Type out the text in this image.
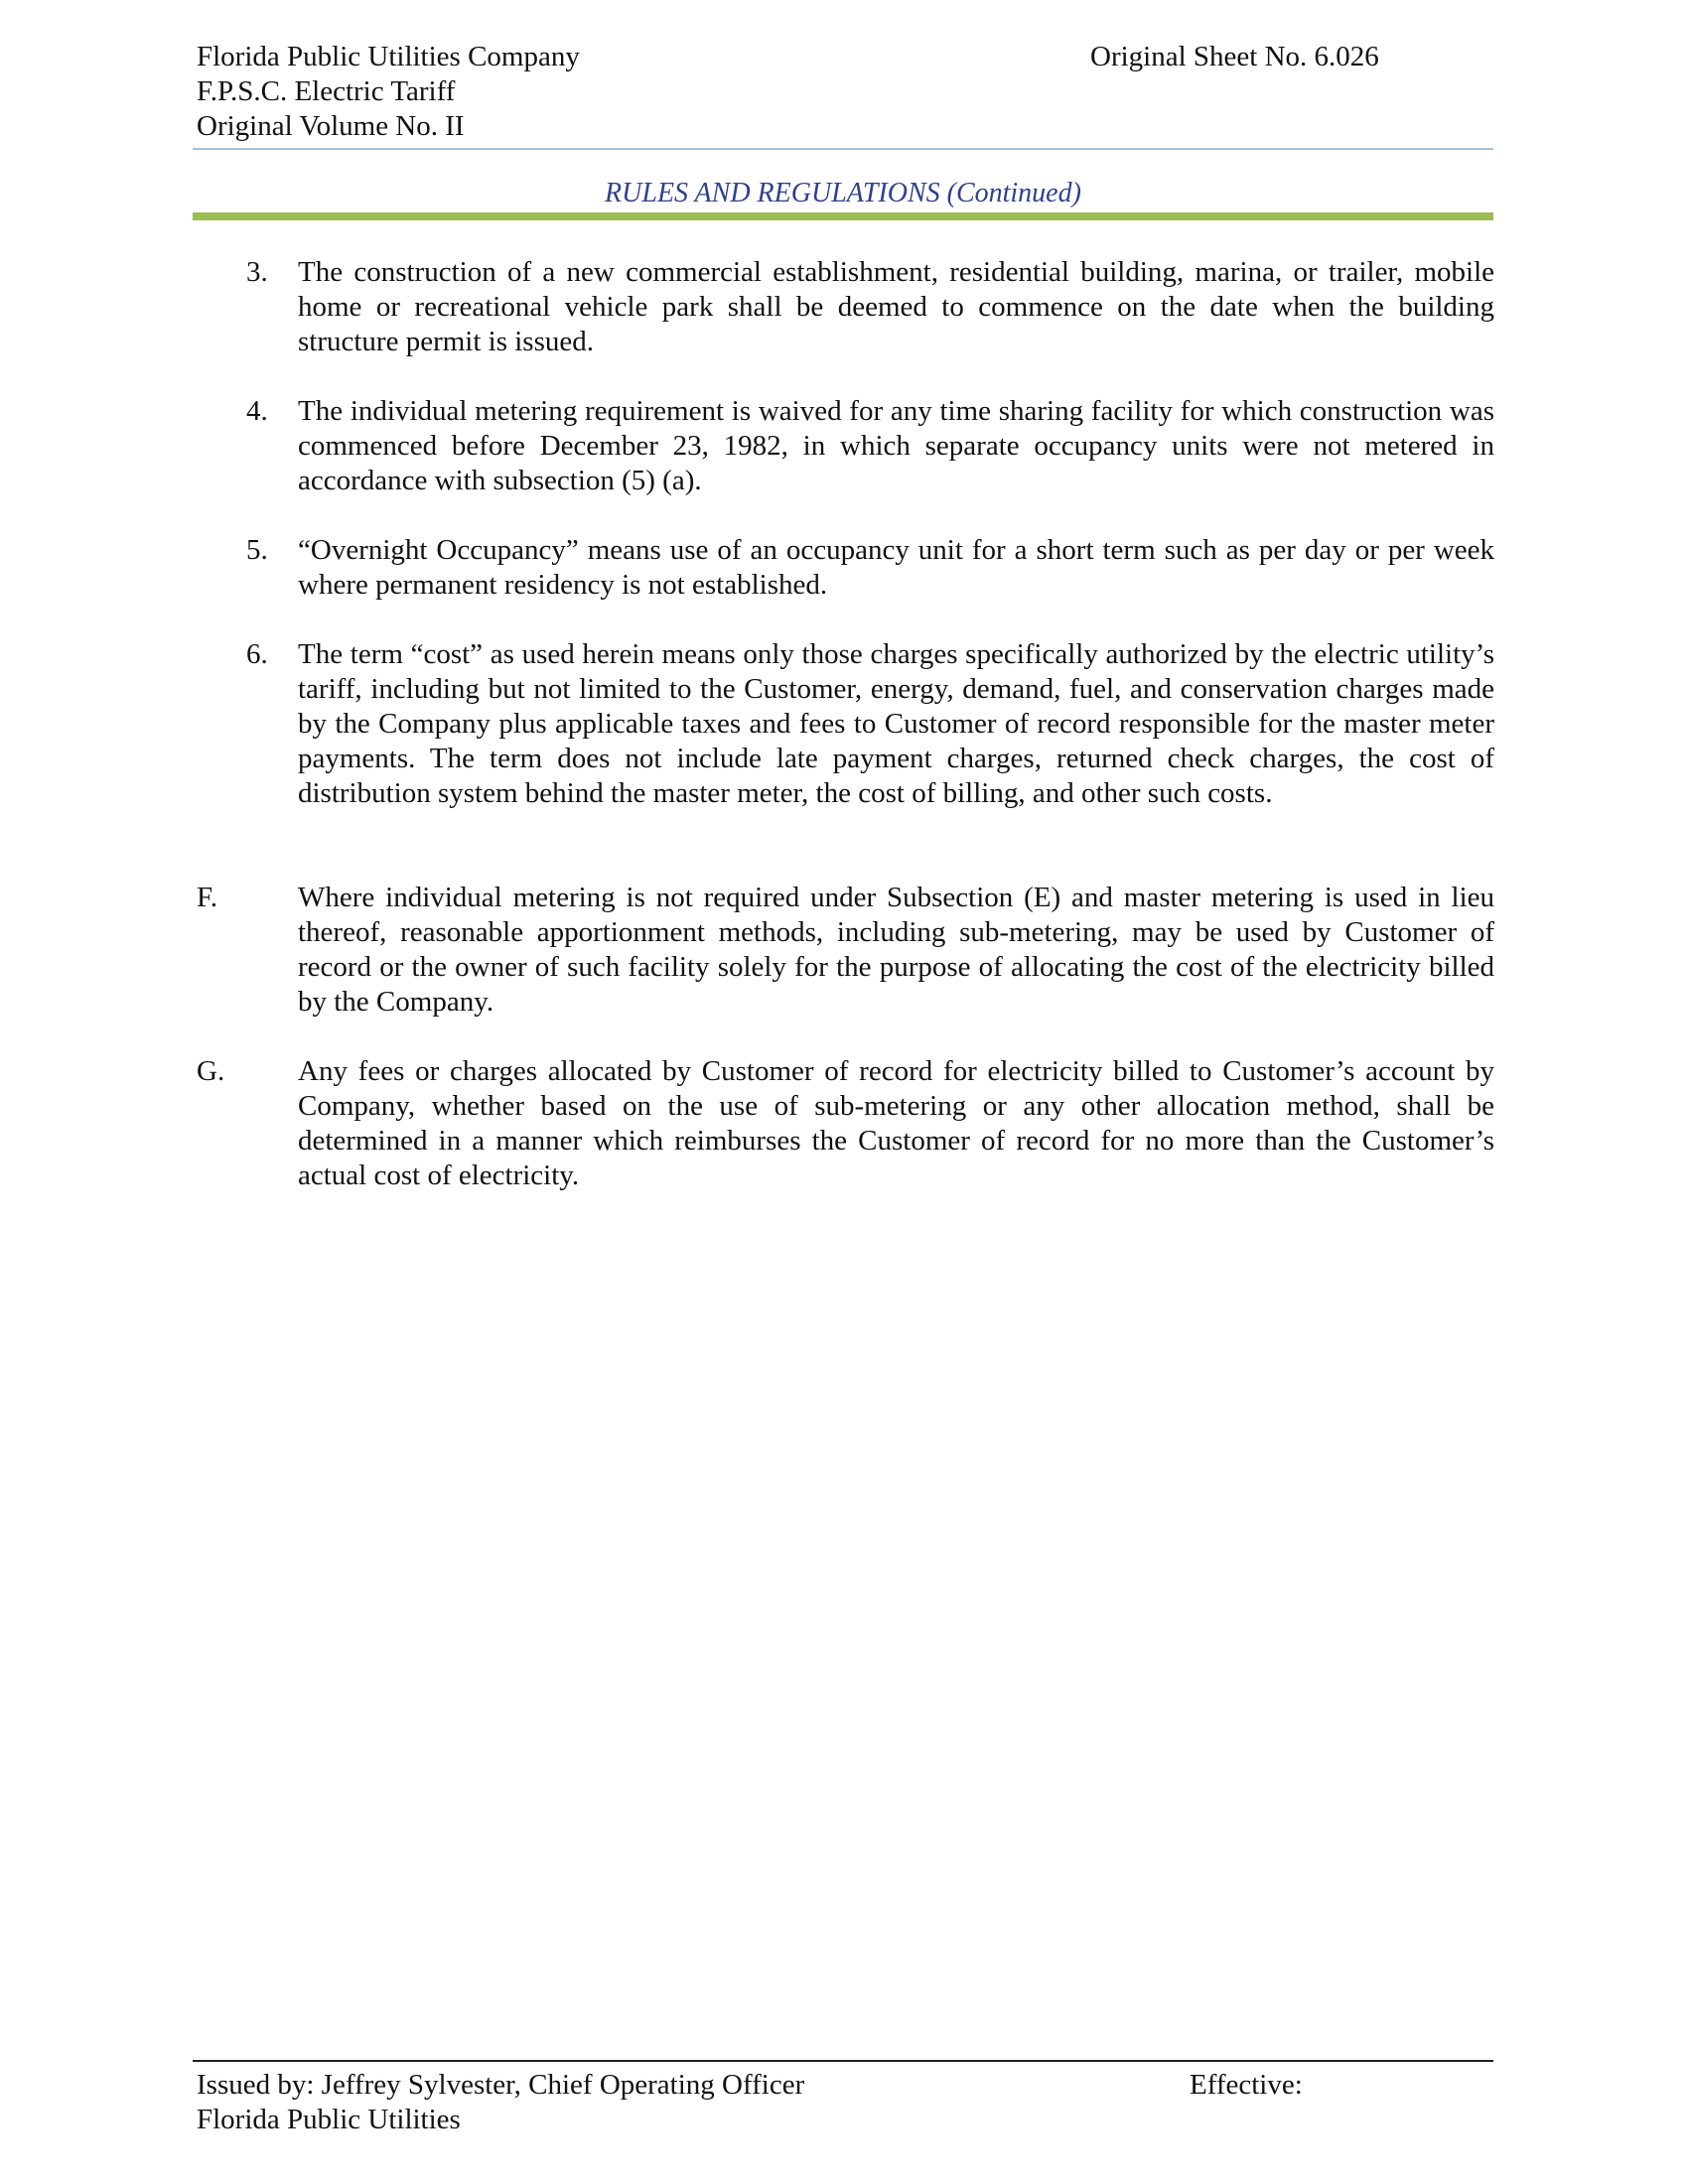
Florida Public Utilities Company
F.P.S.C. Electric Tariff
Original Volume No. II
Original Sheet No. 6.026
RULES AND REGULATIONS (Continued)
3. The construction of a new commercial establishment, residential building, marina, or trailer, mobile home or recreational vehicle park shall be deemed to commence on the date when the building structure permit is issued.
4. The individual metering requirement is waived for any time sharing facility for which construction was commenced before December 23, 1982, in which separate occupancy units were not metered in accordance with subsection (5) (a).
5. “Overnight Occupancy” means use of an occupancy unit for a short term such as per day or per week where permanent residency is not established.
6. The term “cost” as used herein means only those charges specifically authorized by the electric utility’s tariff, including but not limited to the Customer, energy, demand, fuel, and conservation charges made by the Company plus applicable taxes and fees to Customer of record responsible for the master meter payments. The term does not include late payment charges, returned check charges, the cost of distribution system behind the master meter, the cost of billing, and other such costs.
F.	Where individual metering is not required under Subsection (E) and master metering is used in lieu thereof, reasonable apportionment methods, including sub-metering, may be used by Customer of record or the owner of such facility solely for the purpose of allocating the cost of the electricity billed by the Company.
G.	Any fees or charges allocated by Customer of record for electricity billed to Customer’s account by Company, whether based on the use of sub-metering or any other allocation method, shall be determined in a manner which reimburses the Customer of record for no more than the Customer’s actual cost of electricity.
Issued by: Jeffrey Sylvester, Chief Operating Officer
Florida Public Utilities
Effective:
